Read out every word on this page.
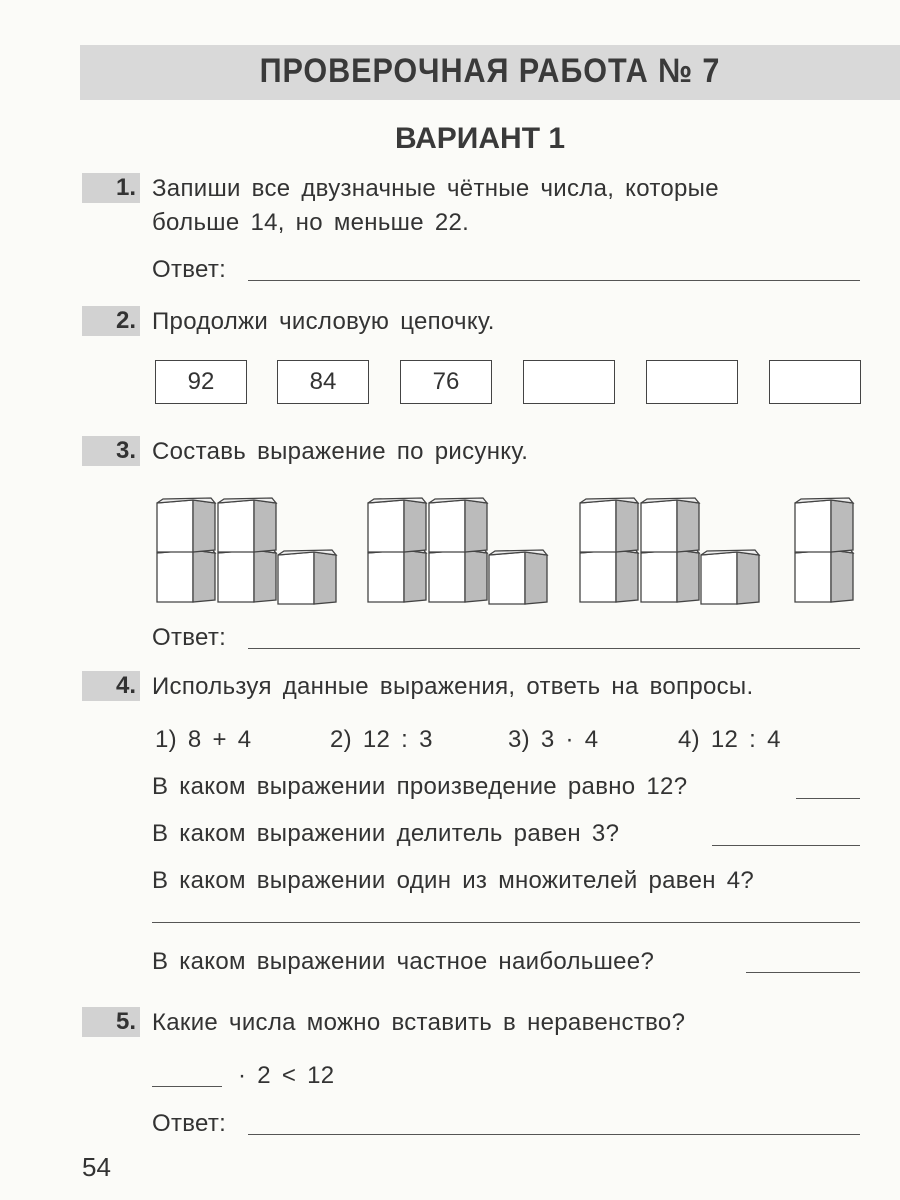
ПРОВЕРОЧНАЯ РАБОТА № 7
ВАРИАНТ 1
1. Запиши все двузначные чётные числа, которые
больше 14, но меньше 22.
Ответ:
2. Продолжи числовую цепочку.
92	84	76
3. Составь выражение по рисунку.
Ответ:
4. Используя данные выражения, ответь на вопросы.
1) 8 + 4	2) 12 : 3	3) 3 · 4	4) 12 : 4
В каком выражении произведение равно 12?
В каком выражении делитель равен 3?
В каком выражении один из множителей равен 4?
В каком выражении частное наибольшее?
5. Какие числа можно вставить в неравенство?
· 2 < 12
Ответ:
54
